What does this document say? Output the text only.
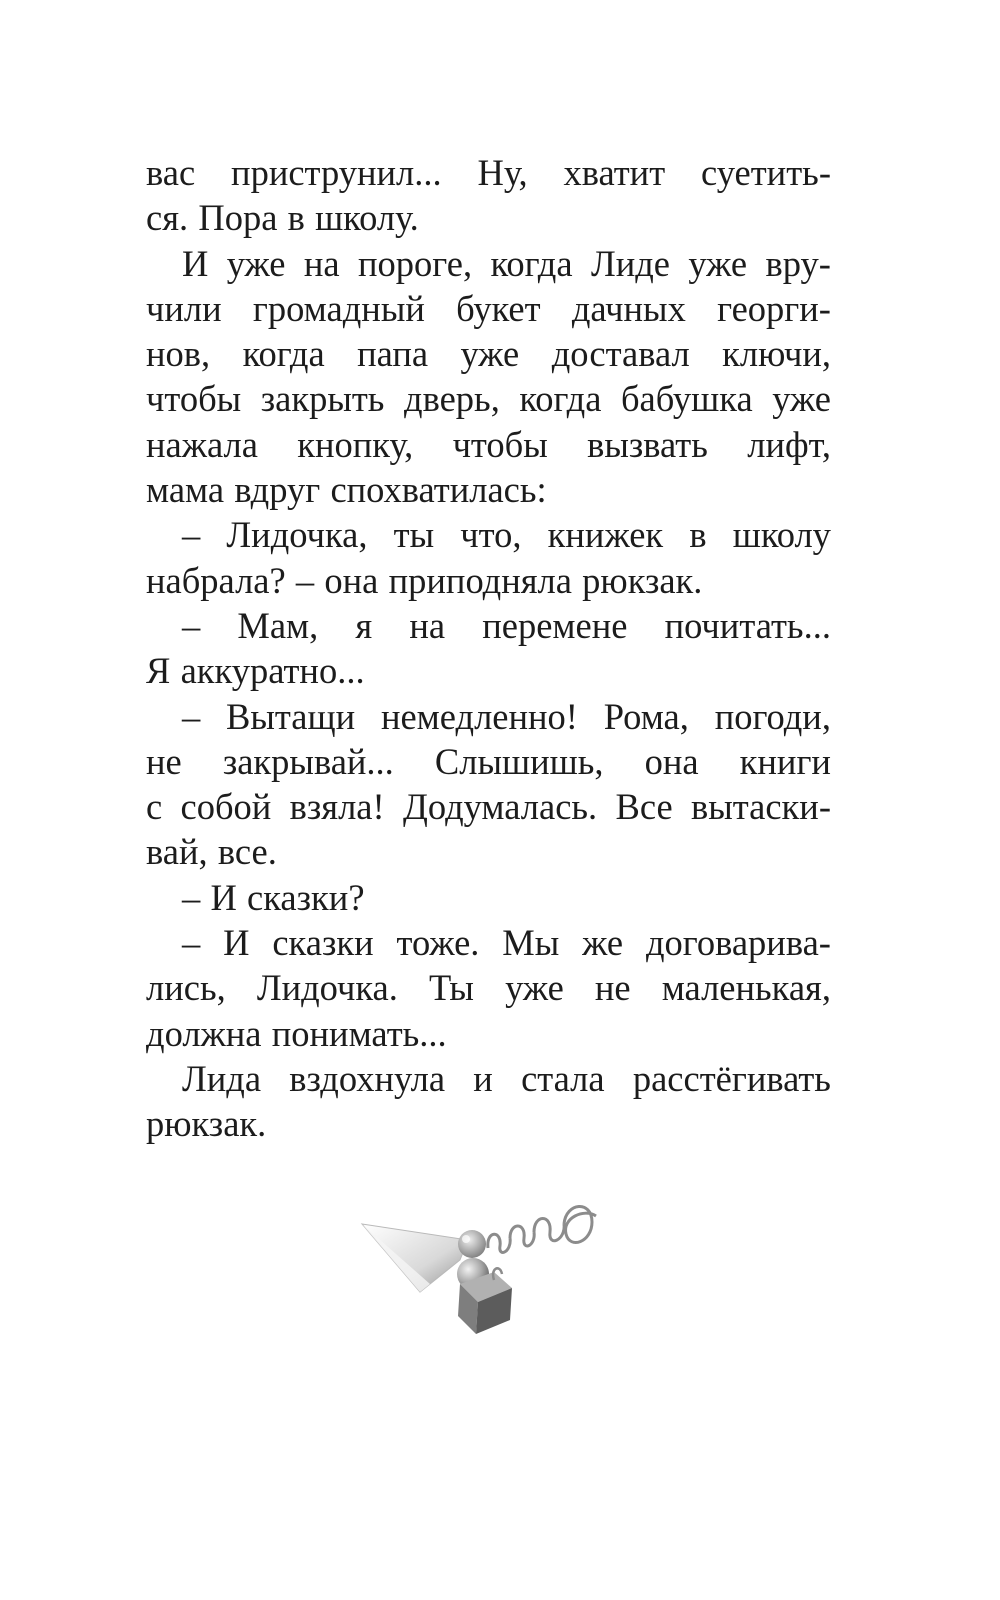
вас приструнил... Ну, хватит суетить-
ся. Пора в школу.
И уже на пороге, когда Лиде уже вру-
чили громадный букет дачных георги-
нов, когда папа уже доставал ключи,
чтобы закрыть дверь, когда бабушка уже
нажала кнопку, чтобы вызвать лифт,
мама вдруг спохватилась:
– Лидочка, ты что, книжек в школу
набрала? – она приподняла рюкзак.
– Мам, я на перемене почитать...
Я аккуратно...
– Вытащи немедленно! Рома, погоди,
не закрывай... Слышишь, она книги
с собой взяла! Додумалась. Все вытаски-
вай, все.
– И сказки?
– И сказки тоже. Мы же договарива-
лись, Лидочка. Ты уже не маленькая,
должна понимать...
Лида вздохнула и стала расстёгивать
рюкзак.
